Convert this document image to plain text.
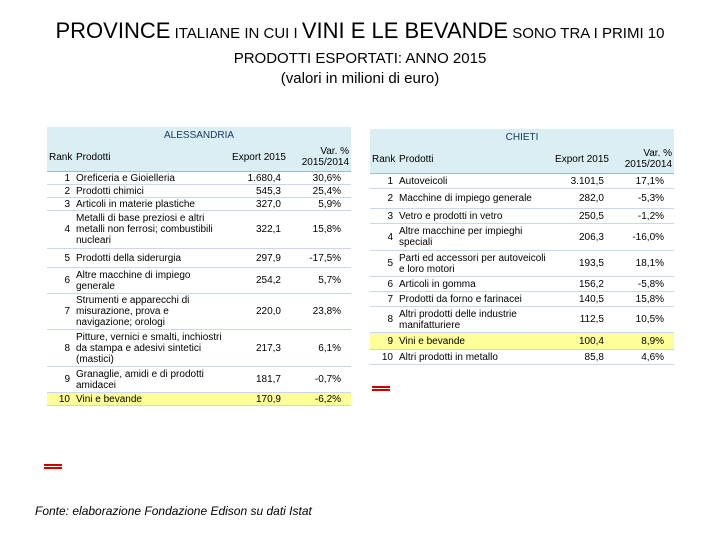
PROVINCE ITALIANE IN CUI I VINI E LE BEVANDE SONO TRA I PRIMI 10
PRODOTTI ESPORTATI: ANNO 2015
(valori in milioni di euro)
ALESSANDRIA			
Rank	Prodotti	Export 2015	Var. % 2015/2014
1	Oreficeria e Gioielleria	1.680,4	30,6%
2	Prodotti chimici	545,3	25,4%
3	Articoli in materie plastiche	327,0	5,9%
4	Metalli di base preziosi e altri metalli non ferrosi; combustibili nucleari	322,1	15,8%
5	Prodotti della siderurgia	297,9	-17,5%
6	Altre macchine di impiego generale	254,2	5,7%
7	Strumenti e apparecchi di misurazione, prova e navigazione; orologi	220,0	23,8%
8	Pitture, vernici e smalti, inchiostri da stampa e adesivi sintetici (mastici)	217,3	6,1%
9	Granaglie, amidi e di prodotti amidacei	181,7	-0,7%
10	Vini e bevande	170,9	-6,2%
CHIETI			
Rank	Prodotti	Export 2015	Var. % 2015/2014
1	Autoveicoli	3.101,5	17,1%
2	Macchine di impiego generale	282,0	-5,3%
3	Vetro e prodotti in vetro	250,5	-1,2%
4	Altre macchine per impieghi speciali	206,3	-16,0%
5	Parti ed accessori per autoveicoli e loro motori	193,5	18,1%
6	Articoli in gomma	156,2	-5,8%
7	Prodotti da forno e farinacei	140,5	15,8%
8	Altri prodotti delle industrie manifatturiere	112,5	10,5%
9	Vini e bevande	100,4	8,9%
10	Altri prodotti in metallo	85,8	4,6%
Fonte: elaborazione Fondazione Edison su dati Istat
